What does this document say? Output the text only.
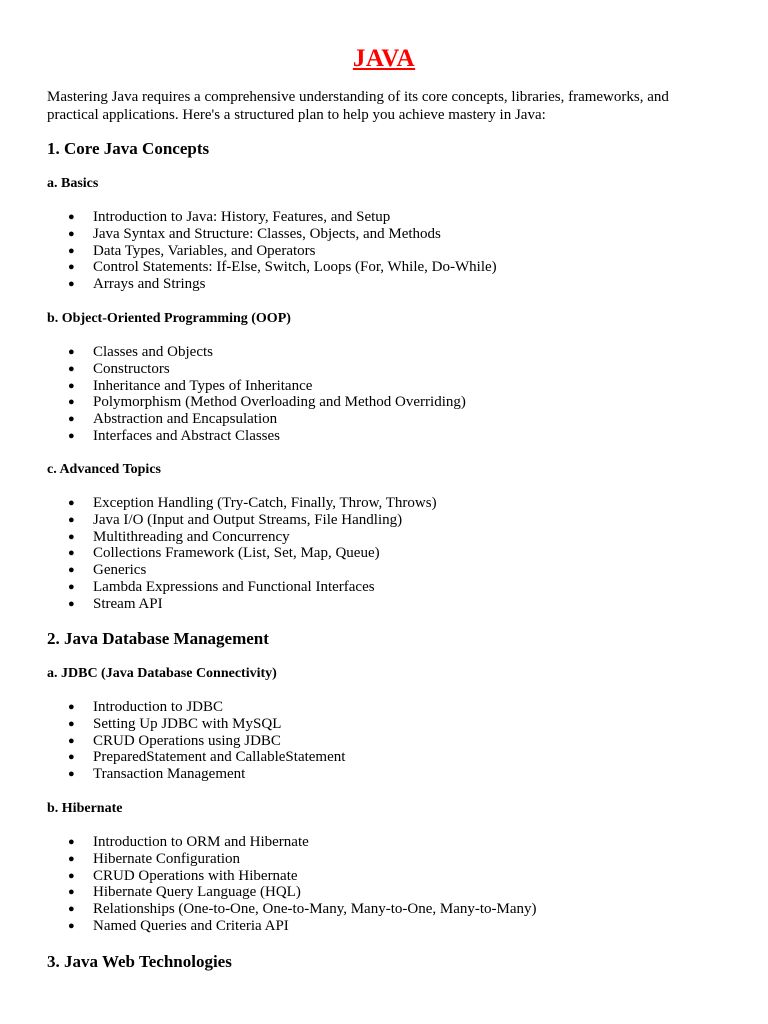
JAVA

Mastering Java requires a comprehensive understanding of its core concepts, libraries, frameworks, and practical applications. Here's a structured plan to help you achieve mastery in Java:

1. Core Java Concepts
a. Basics
● Introduction to Java: History, Features, and Setup
● Java Syntax and Structure: Classes, Objects, and Methods
● Data Types, Variables, and Operators
● Control Statements: If-Else, Switch, Loops (For, While, Do-While)
● Arrays and Strings
b. Object-Oriented Programming (OOP)
● Classes and Objects
● Constructors
● Inheritance and Types of Inheritance
● Polymorphism (Method Overloading and Method Overriding)
● Abstraction and Encapsulation
● Interfaces and Abstract Classes
c. Advanced Topics
● Exception Handling (Try-Catch, Finally, Throw, Throws)
● Java I/O (Input and Output Streams, File Handling)
● Multithreading and Concurrency
● Collections Framework (List, Set, Map, Queue)
● Generics
● Lambda Expressions and Functional Interfaces
● Stream API
2. Java Database Management
a. JDBC (Java Database Connectivity)
● Introduction to JDBC
● Setting Up JDBC with MySQL
● CRUD Operations using JDBC
● PreparedStatement and CallableStatement
● Transaction Management
b. Hibernate
● Introduction to ORM and Hibernate
● Hibernate Configuration
● CRUD Operations with Hibernate
● Hibernate Query Language (HQL)
● Relationships (One-to-One, One-to-Many, Many-to-One, Many-to-Many)
● Named Queries and Criteria API
3. Java Web Technologies
